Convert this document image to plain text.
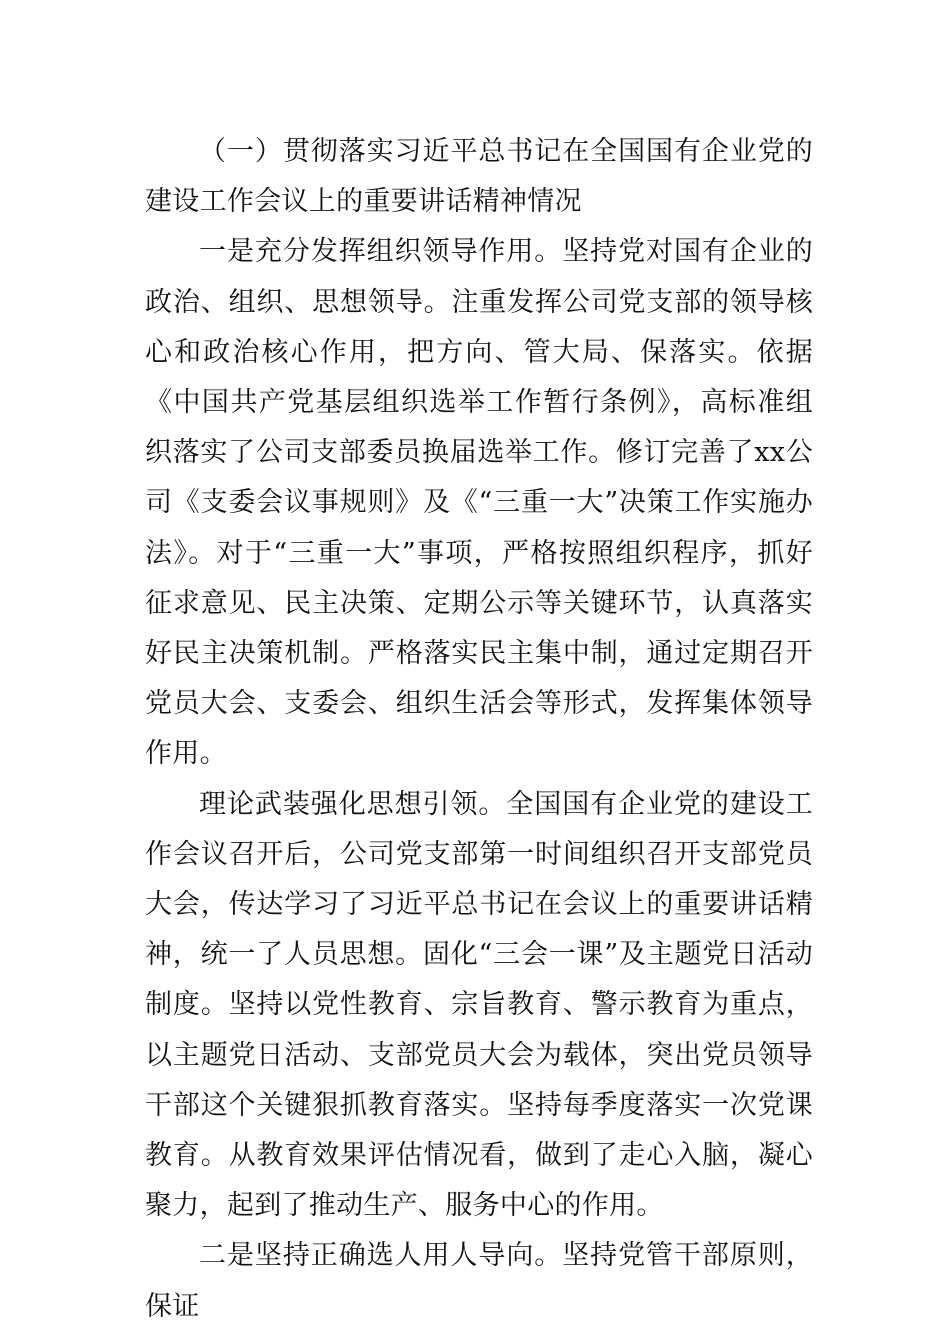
（一）贯彻落实习近平总书记在全国国有企业党的建设工作会议上的重要讲话精神情况

一是充分发挥组织领导作用。坚持党对国有企业的政治、组织、思想领导。注重发挥公司党支部的领导核心和政治核心作用，把方向、管大局、保落实。依据《中国共产党基层组织选举工作暂行条例》，高标准组织落实了公司支部委员换届选举工作。修订完善了xx公司《支委会议事规则》及《“三重一大”决策工作实施办法》。对于“三重一大”事项，严格按照组织程序，抓好征求意见、民主决策、定期公示等关键环节，认真落实好民主决策机制。严格落实民主集中制，通过定期召开党员大会、支委会、组织生活会等形式，发挥集体领导作用。

理论武装强化思想引领。全国国有企业党的建设工作会议召开后，公司党支部第一时间组织召开支部党员大会，传达学习了习近平总书记在会议上的重要讲话精神，统一了人员思想。固化“三会一课”及主题党日活动制度。坚持以党性教育、宗旨教育、警示教育为重点，以主题党日活动、支部党员大会为载体，突出党员领导干部这个关键狠抓教育落实。坚持每季度落实一次党课教育。从教育效果评估情况看，做到了走心入脑，凝心聚力，起到了推动生产、服务中心的作用。

二是坚持正确选人用人导向。坚持党管干部原则，保证
